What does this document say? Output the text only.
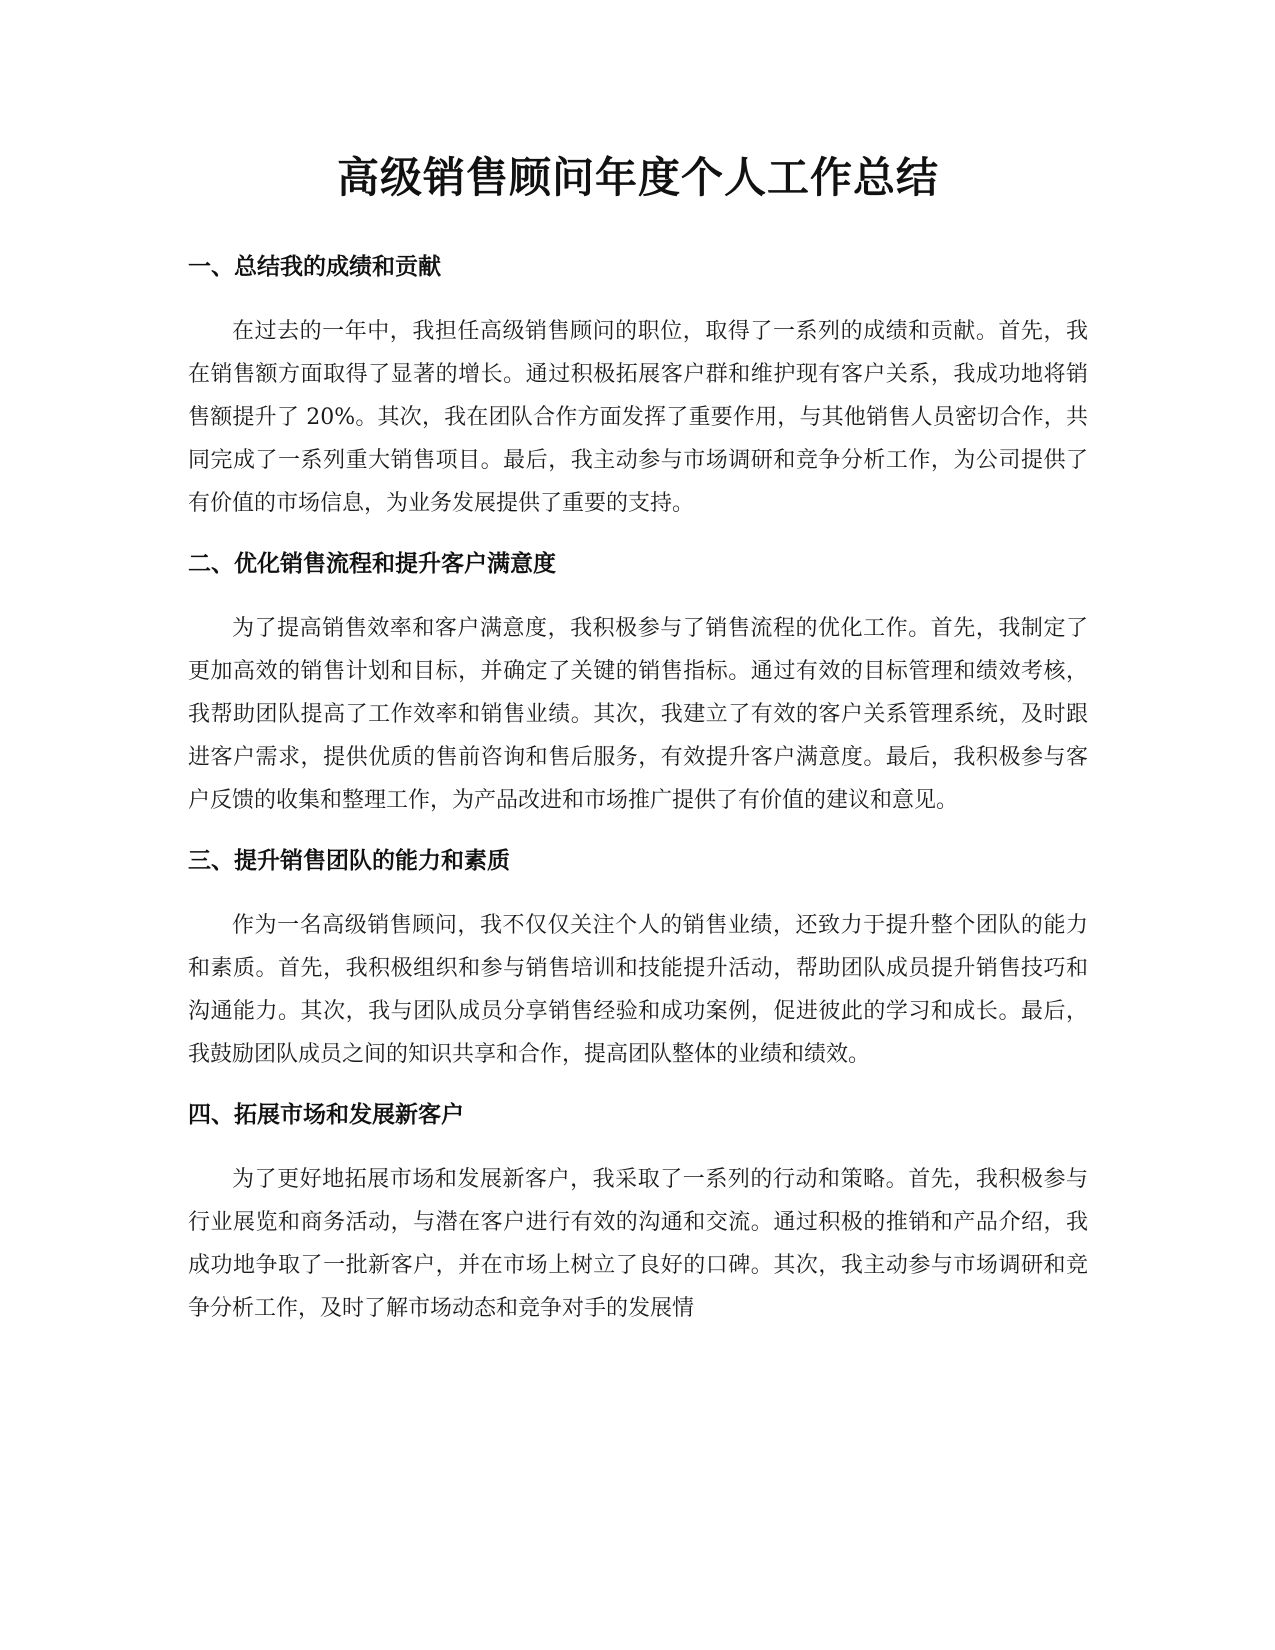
高级销售顾问年度个人工作总结
一、总结我的成绩和贡献

在过去的一年中，我担任高级销售顾问的职位，取得了一系列的成绩和贡献。首先，我在销售额方面取得了显著的增长。通过积极拓展客户群和维护现有客户关系，我成功地将销售额提升了 20%。其次，我在团队合作方面发挥了重要作用，与其他销售人员密切合作，共同完成了一系列重大销售项目。最后，我主动参与市场调研和竞争分析工作，为公司提供了有价值的市场信息，为业务发展提供了重要的支持。

二、优化销售流程和提升客户满意度

为了提高销售效率和客户满意度，我积极参与了销售流程的优化工作。首先，我制定了更加高效的销售计划和目标，并确定了关键的销售指标。通过有效的目标管理和绩效考核，我帮助团队提高了工作效率和销售业绩。其次，我建立了有效的客户关系管理系统，及时跟进客户需求，提供优质的售前咨询和售后服务，有效提升客户满意度。最后，我积极参与客户反馈的收集和整理工作，为产品改进和市场推广提供了有价值的建议和意见。

三、提升销售团队的能力和素质

作为一名高级销售顾问，我不仅仅关注个人的销售业绩，还致力于提升整个团队的能力和素质。首先，我积极组织和参与销售培训和技能提升活动，帮助团队成员提升销售技巧和沟通能力。其次，我与团队成员分享销售经验和成功案例，促进彼此的学习和成长。最后，我鼓励团队成员之间的知识共享和合作，提高团队整体的业绩和绩效。

四、拓展市场和发展新客户

为了更好地拓展市场和发展新客户，我采取了一系列的行动和策略。首先，我积极参与行业展览和商务活动，与潜在客户进行有效的沟通和交流。通过积极的推销和产品介绍，我成功地争取了一批新客户，并在市场上树立了良好的口碑。其次，我主动参与市场调研和竞争分析工作，及时了解市场动态和竞争对手的发展情
